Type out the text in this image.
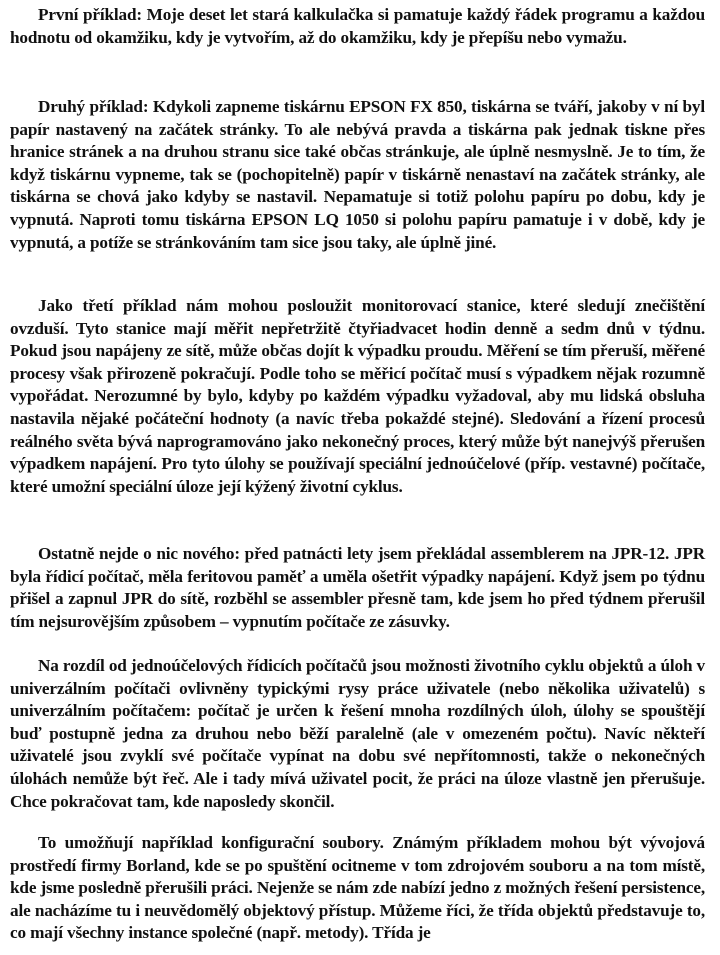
První příklad: Moje deset let stará kalkulačka si pamatuje každý řádek programu a každou hodnotu od okamžiku, kdy je vytvořím, až do okamžiku, kdy je přepíšu nebo vymažu.

Druhý příklad: Kdykoli zapneme tiskárnu EPSON FX 850, tiskárna se tváří, jakoby v ní byl papír nastavený na začátek stránky. To ale nebývá pravda a tiskárna pak jednak tiskne přes hranice stránek a na druhou stranu sice také občas stránkuje, ale úplně nesmyslně. Je to tím, že když tiskárnu vypneme, tak se (pochopitelně) papír v tiskárně nenastaví na začátek stránky, ale tiskárna se chová jako kdyby se nastavil. Nepamatuje si totiž polohu papíru po dobu, kdy je vypnutá. Naproti tomu tiskárna EPSON LQ 1050 si polohu papíru pamatuje i v době, kdy je vypnutá, a potíže se stránkováním tam sice jsou taky, ale úplně jiné.

Jako třetí příklad nám mohou posloužit monitorovací stanice, které sledují znečištění ovzduší. Tyto stanice mají měřit nepřetržitě čtyřiadvacet hodin denně a sedm dnů v týdnu. Pokud jsou napájeny ze sítě, může občas dojít k výpadku proudu. Měření se tím přeruší, měřené procesy však přirozeně pokračují. Podle toho se měřicí počítač musí s výpadkem nějak rozumně vypořádat. Nerozumné by bylo, kdyby po každém výpadku vyžadoval, aby mu lidská obsluha nastavila nějaké počáteční hodnoty (a navíc třeba pokaždé stejné). Sledování a řízení procesů reálného světa bývá naprogramováno jako nekonečný proces, který může být nanejvýš přerušen výpadkem napájení. Pro tyto úlohy se používají speciální jednoúčelové (příp. vestavné) počítače, které umožní speciální úloze její kýžený životní cyklus.

Ostatně nejde o nic nového: před patnácti lety jsem překládal assemblerem na JPR-12. JPR byla řídicí počítač, měla feritovou paměť a uměla ošetřit výpadky napájení. Když jsem po týdnu přišel a zapnul JPR do sítě, rozběhl se assembler přesně tam, kde jsem ho před týdnem přerušil tím nejsurovějším způsobem – vypnutím počítače ze zásuvky.

Na rozdíl od jednoúčelových řídicích počítačů jsou možnosti životního cyklu objektů a úloh v univerzálním počítači ovlivněny typickými rysy práce uživatele (nebo několika uživatelů) s univerzálním počítačem: počítač je určen k řešení mnoha rozdílných úloh, úlohy se spouštějí buď postupně jedna za druhou nebo běží paralelně (ale v omezeném počtu). Navíc někteří uživatelé jsou zvyklí své počítače vypínat na dobu své nepřítomnosti, takže o nekonečných úlohách nemůže být řeč. Ale i tady mívá uživatel pocit, že práci na úloze vlastně jen přerušuje. Chce pokračovat tam, kde naposledy skončil.

To umožňují například konfigurační soubory. Známým příkladem mohou být vývojová prostředí firmy Borland, kde se po spuštění ocitneme v tom zdrojovém souboru a na tom místě, kde jsme posledně přerušili práci. Nejenže se nám zde nabízí jedno z možných řešení persistence, ale nacházíme tu i neuvědomělý objektový přístup. Můžeme říci, že třída objektů představuje to, co mají všechny instance společné (např. metody). Třída je
